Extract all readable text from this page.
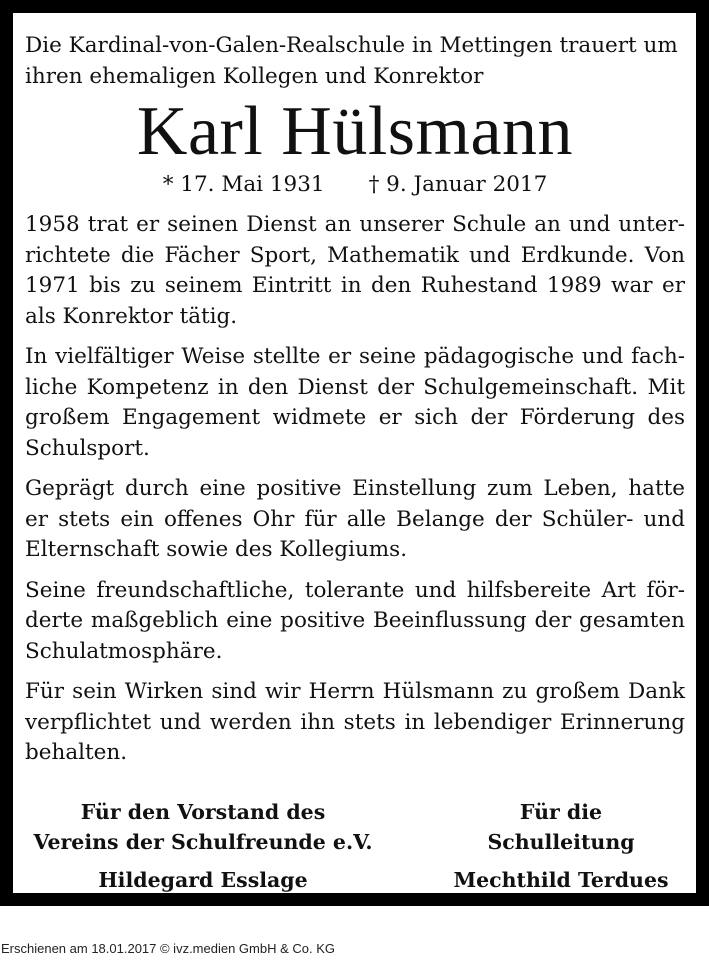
Die Kardinal-von-Galen-Realschule in Mettingen trauert um
ihren ehemaligen Kollegen und Konrektor

Karl Hülsmann
* 17. Mai 1931 † 9. Januar 2017

1958 trat er seinen Dienst an unserer Schule an und unterrichtete die Fächer Sport, Mathematik und Erdkunde. Von 1971 bis zu seinem Eintritt in den Ruhestand 1989 war er als Konrektor tätig.

In vielfältiger Weise stellte er seine pädagogische und fachliche Kompetenz in den Dienst der Schulgemeinschaft. Mit großem Engagement widmete er sich der Förderung des Schulsport.

Geprägt durch eine positive Einstellung zum Leben, hatte er stets ein offenes Ohr für alle Belange der Schüler- und Elternschaft sowie des Kollegiums.

Seine freundschaftliche, tolerante und hilfsbereite Art förderte maßgeblich eine positive Beeinflussung der gesamten Schulatmosphäre.

Für sein Wirken sind wir Herrn Hülsmann zu großem Dank verpflichtet und werden ihn stets in lebendiger Erinnerung behalten.

Für den Vorstand des
Vereins der Schulfreunde e.V.
Hildegard Esslage
Für die
Schulleitung
Mechthild Terdues
Erschienen am 18.01.2017 © ivz.medien GmbH & Co. KG
